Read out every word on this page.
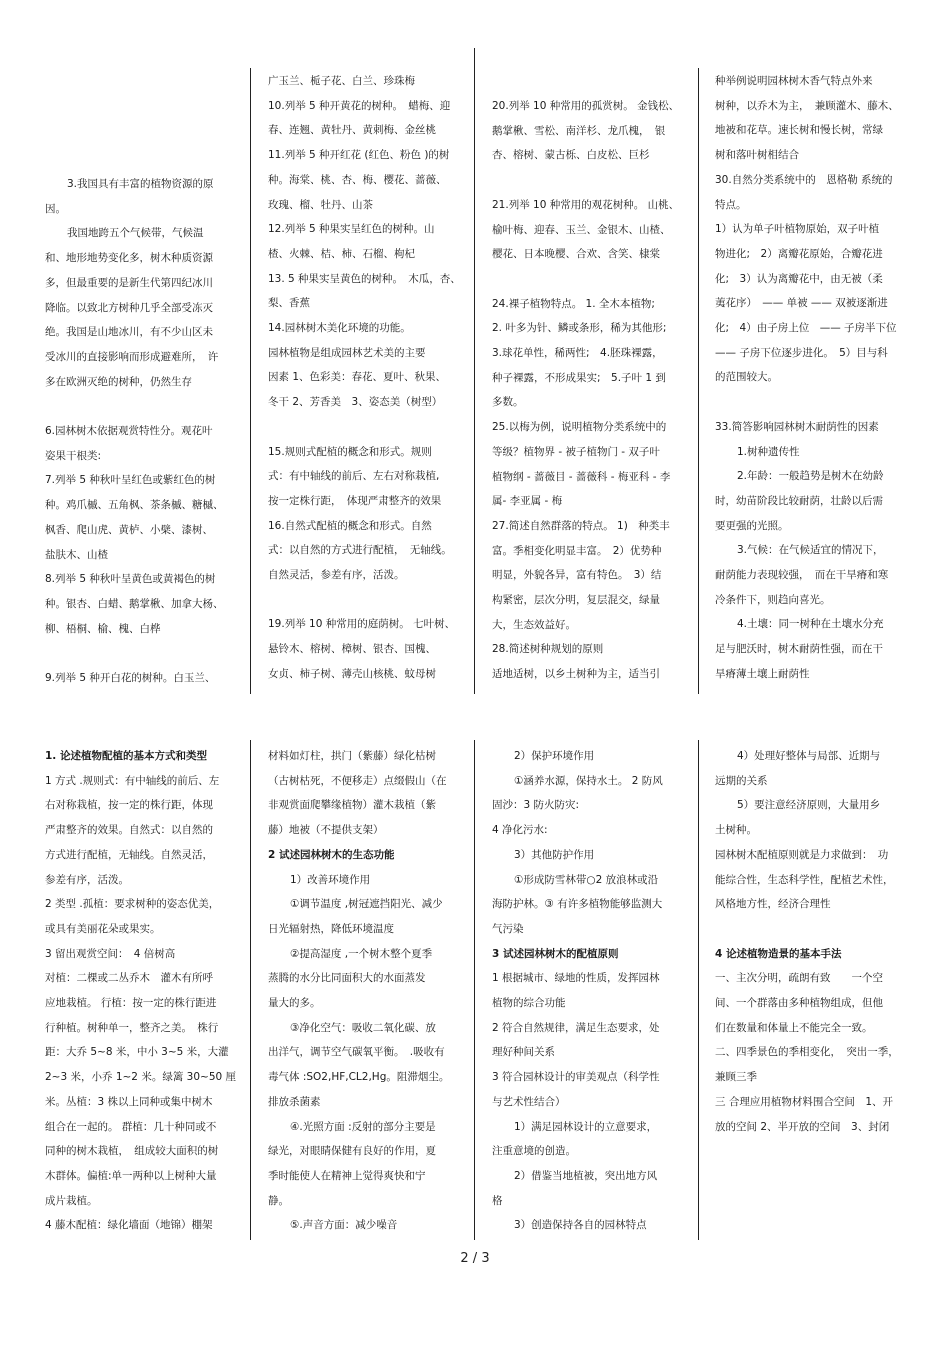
3.我国具有丰富的植物资源的原

因。

我国地跨五个气候带，气候温

和、地形地势变化多，树木种质资源

多，但最重要的是新生代第四纪冰川

降临。以致北方树种几乎全部受冻灭

绝。我国是山地冰川，有不少山区未

受冰川的直接影响而形成避难所，　许

多在欧洲灭绝的树种，仍然生存

6.园林树木依据观赏特性分。观花叶

姿果干根类:

7.列举 5 种秋叶呈红色或紫红色的树

种。鸡爪槭、五角枫、茶条槭、糖槭、

枫香、爬山虎、黄栌、小檗、漆树、

盐肤木、山楂

8.列举 5 种秋叶呈黄色或黄褐色的树

种。银杏、白蜡、鹅掌楸、加拿大杨、

柳、梧桐、榆、槐、白桦

9.列举 5 种开白花的树种。白玉兰、

广玉兰、栀子花、白兰、珍珠梅

10.列举 5 种开黄花的树种。　蜡梅、迎

春、连翘、黄牡丹、黄刺梅、金丝桃

11.列举 5 种开红花 (红色、粉色 )的树

种。海棠、桃、杏、梅、樱花、蔷薇、

玫瑰、榴、牡丹、山茶

12.列举 5 种果实呈红色的树种。山

楂、火棘、桔、柿、石榴、枸杞

13. 5 种果实呈黄色的树种。　木瓜，杏、

梨、香蕉

14.园林树木美化环境的功能。

园林植物是组成园林艺术美的主要

因素 1、色彩美：春花、夏叶、秋果、

冬干 2、芳香美　3、姿态美（树型）

15.规则式配植的概念和形式。规则

式：有中轴线的前后、左右对称栽植,

按一定株行距，　体现严肃整齐的效果

16.自然式配植的概念和形式。自然

式：以自然的方式进行配植，　无轴线。

自然灵活，参差有序，活泼。

19.列举 10 种常用的庭荫树。 七叶树、

悬铃木、榕树、樟树、银杏、国槐、

女贞、柿子树、薄壳山核桃、蚊母树

20.列举 10 种常用的孤赏树。 金钱松、

鹅掌楸、雪松、南洋杉、龙爪槐，　银

杏、榕树、蒙古栎、白皮松、巨杉

21.列举 10 种常用的观花树种。 山桃、

榆叶梅、迎春、玉兰、金银木、山楂、

樱花、日本晚樱、合欢、含笑、棣棠

24.裸子植物特点。 1. 全木本植物;

2. 叶多为针、鳞或条形，稀为其他形;

3.球花单性，稀两性;　4.胚珠裸露，

种子裸露，不形成果实;　5.子叶 1 到

多数。

25.以梅为例，说明植物分类系统中的

等级？植物界 - 被子植物门 - 双子叶

植物纲 - 蔷薇目 - 蔷薇科 - 梅亚科 - 李

属- 李亚属 - 梅

27.简述自然群落的特点。 1)　种类丰

富。季相变化明显丰富。　2）优势种

明显，外貌各异，富有特色。　3）结

构紧密，层次分明，复层混交，绿量

大，生态效益好。

28.简述树种规划的原则

适地适树，以乡土树种为主，适当引

种举例说明园林树木香气特点外来

树种，以乔木为主，　兼顾灌木、藤木、

地被和花草。速长树和慢长树，常绿

树和落叶树相结合

30.自然分类系统中的　恩格勒 系统的

特点。

1）认为单子叶植物原始，双子叶植

物进化;　2）离瓣花原始，合瓣花进

化;　3）认为离瓣花中，由无被（柔

荑花序）　—— 单被 —— 双被逐渐进

化;　4）由子房上位　—— 子房半下位

—— 子房下位逐步进化。　5）目与科

的范围较大。

33.简答影响园林树木耐荫性的因素

1.树种遗传性

2.年龄：一般趋势是树木在幼龄

时，幼苗阶段比较耐荫，壮龄以后需

要更强的光照。

3.气候：在气候适宜的情况下，

耐荫能力表现较强，　而在干旱瘠和寒

冷条件下，则趋向喜光。

4.土壤：同一树种在土壤水分充

足与肥沃时，树木耐荫性强，而在干

旱瘠薄土壤上耐荫性

1. 论述植物配植的基本方式和类型

1 方式 .规则式：有中轴线的前后、左

右对称栽植，按一定的株行距，体现

严肃整齐的效果。自然式：以自然的

方式进行配植，无轴线。自然灵活，

参差有序，活泼。

2 类型 .孤植：要求树种的姿态优美，

或具有美丽花朵或果实。

3 留出观赏空间：　4 倍树高

对植：二棵或二丛乔木　灌木有所呼

应地栽植。 行植：按一定的株行距进

行种植。树种单一，整齐之美。　株行

距：大乔 5~8 米，中小 3~5 米，大灌

2~3 米，小乔 1~2 米。绿篱 30~50 厘

米。丛植：3 株以上同种或集中树木

组合在一起的。 群植：几十种同或不

同种的树木栽植，　组成较大面积的树

木群体。偏植:单一两种以上树种大量

成片栽植。

4 藤木配植：绿化墙面（地锦）棚架

材料如灯柱，拱门（紫藤）绿化枯树

（古树枯死，不便移走）点缀假山（在

非观赏面爬攀缘植物）灌木栽植（紫

藤）地被（不提供支架）

2 试述园林树木的生态功能

1）改善环境作用

①调节温度 ,树冠遮挡阳光、减少

日光辐射热，降低环境温度

②提高湿度 ,一个树木整个夏季

蒸腾的水分比同面积大的水面蒸发

量大的多。

③净化空气：吸收二氧化碳、放

出洋气，调节空气碳氧平衡。　.吸收有

毒气体 :SO2,HF,CL2,Hg。阻滞烟尘。

排放杀菌素

④.光照方面 :反射的部分主要是

绿光，对眼睛保健有良好的作用，夏

季时能使人在精神上觉得爽快和宁

静。

⑤.声音方面：减少噪音

2）保护环境作用

①涵养水源，保持水土。 2 防风

固沙：3 防火防灾:

4 净化污水:

3）其他防护作用

①形成防雪林带○2 放浪林或沿

海防护林。③ 有许多植物能够监测大

气污染

3 试述园林树木的配植原则

1 根据城市、绿地的性质，发挥园林

植物的综合功能

2 符合自然规律，满足生态要求，处

理好种间关系

3 符合园林设计的审美观点（科学性

与艺术性结合）

1）满足园林设计的立意要求，

注重意境的创造。

2）借鉴当地植被，突出地方风

格

3）创造保持各自的园林特点

4）处理好整体与局部、近期与

远期的关系

5）要注意经济原则，大量用乡

土树种。

园林树木配植原则就是力求做到：　功

能综合性，生态科学性，配植艺术性，

风格地方性，经济合理性

4 论述植物造景的基本手法

一、主次分明，疏朗有致　　一个空

间、一个群落由多种植物组成，但他

们在数量和体量上不能完全一致。

二、四季景色的季相变化，　突出一季，

兼顾三季

三 合理应用植物材料围合空间　1、开

放的空间 2、半开放的空间　3、封闭

2 / 3
